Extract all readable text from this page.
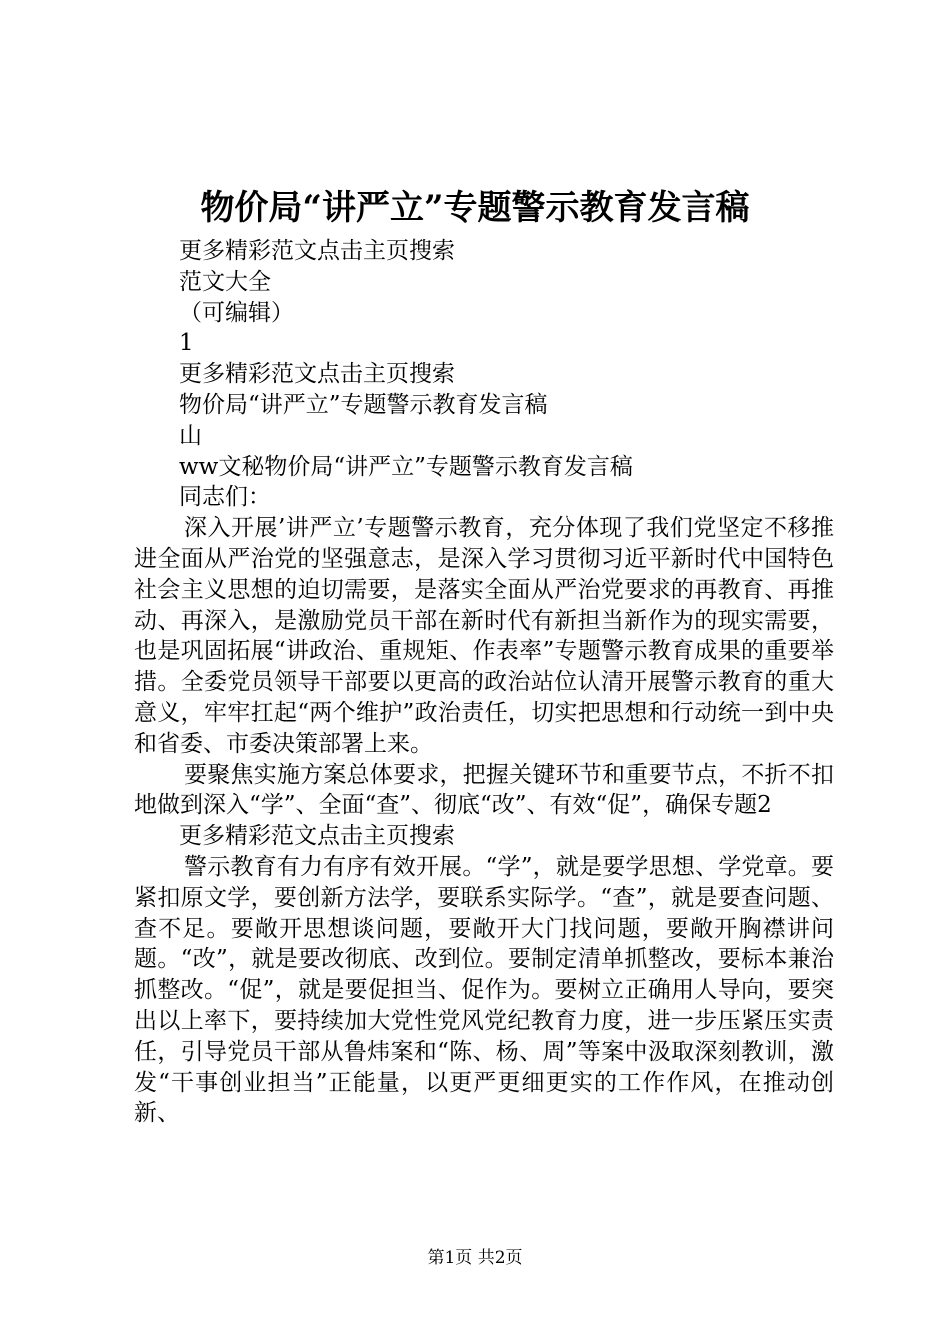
物价局“讲严立”专题警示教育发言稿
更多精彩范文点击主页搜索
范文大全
（可编辑）
1
更多精彩范文点击主页搜索
物价局“讲严立”专题警示教育发言稿
山
ww文秘物价局“讲严立”专题警示教育发言稿
同志们：
深入开展’讲严立’专题警示教育，充分体现了我们党坚定不移推进全面从严治党的坚强意志，是深入学习贯彻习近平新时代中国特色社会主义思想的迫切需要，是落实全面从严治党要求的再教育、再推动、再深入，是激励党员干部在新时代有新担当新作为的现实需要，也是巩固拓展“讲政治、重规矩、作表率”专题警示教育成果的重要举措。全委党员领导干部要以更高的政治站位认清开展警示教育的重大意义，牢牢扛起“两个维护”政治责任，切实把思想和行动统一到中央和省委、市委决策部署上来。
要聚焦实施方案总体要求，把握关键环节和重要节点，不折不扣地做到深入“学”、全面“查”、彻底“改”、有效“促”，确保专题2
更多精彩范文点击主页搜索
警示教育有力有序有效开展。“学”，就是要学思想、学党章。要紧扣原文学，要创新方法学，要联系实际学。“查”，就是要查问题、查不足。要敞开思想谈问题，要敞开大门找问题，要敞开胸襟讲问题。“改”，就是要改彻底、改到位。要制定清单抓整改，要标本兼治抓整改。“促”，就是要促担当、促作为。要树立正确用人导向，要突出以上率下，要持续加大党性党风党纪教育力度，进一步压紧压实责任，引导党员干部从鲁炜案和“陈、杨、周”等案中汲取深刻教训，激发“干事创业担当”正能量，以更严更细更实的工作作风，在推动创新、
第1页 共2页
